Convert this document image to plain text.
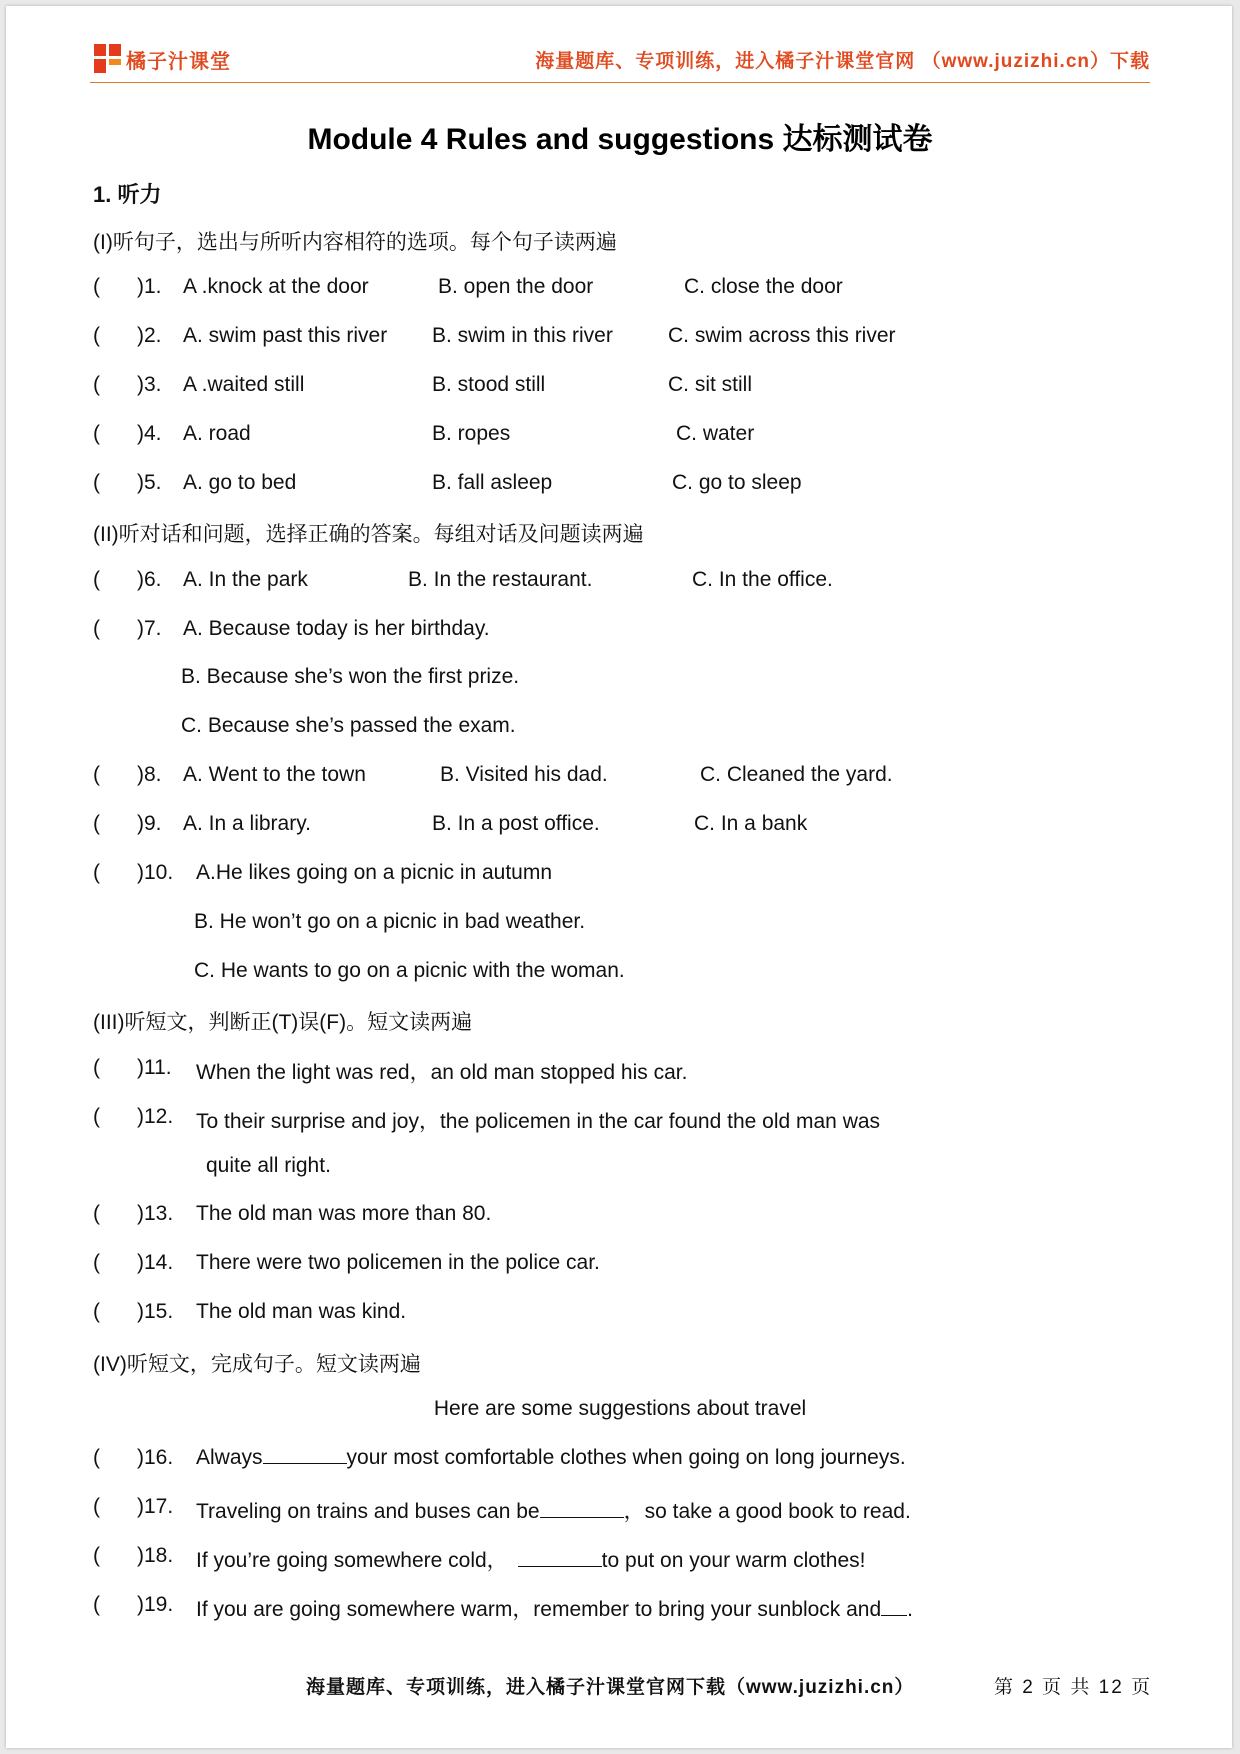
橘子汁课堂	海量题库、专项训练，进入橘子汁课堂官网 （www.juzizhi.cn）下载
Module 4 Rules and suggestions 达标测试卷
1. 听力
(I)听句子，选出与所听内容相符的选项。每个句子读两遍
( )1. A .knock at the door	B. open the door	C. close the door
( )2. A. swim past this river B. swim in this river	C. swim across this river
( )3. A .waited still	B. stood still	C. sit still
( )4. A. road	B. ropes	C. water
( )5. A. go to bed	B. fall asleep	C. go to sleep
(II)听对话和问题，选择正确的答案。每组对话及问题读两遍
( )6. A. In the park	B. In the restaurant.	C. In the office.
( )7. A. Because today is her birthday.
B. Because she’s won the first prize.
C. Because she’s passed the exam.
( )8. A. Went to the town	B. Visited his dad.	C. Cleaned the yard.
( )9. A. In a library.	B. In a post office.	C. In a bank
( )10. A.He likes going on a picnic in autumn
B. He won’t go on a picnic in bad weather.
C. He wants to go on a picnic with the woman.
(III)听短文，判断正(T)误(F)。短文读两遍
( )11. When the light was red，an old man stopped his car.
( )12. To their surprise and joy，the policemen in the car found the old man was
quite all right.
( )13. The old man was more than 80.
( )14. There were two policemen in the police car.
( )15. The old man was kind.
(IV)听短文，完成句子。短文读两遍
Here are some suggestions about travel
( )16. Always	your most comfortable clothes when going on long journeys.
( )17. Traveling on trains and buses can be	，so take a good book to read.
( )18. If you’re going somewhere cold，	to put on your warm clothes!
( )19. If you are going somewhere warm，remember to bring your sunblock and .
海量题库、专项训练，进入橘子汁课堂官网下载（www.juzizhi.cn）	第 2 页 共 12 页
